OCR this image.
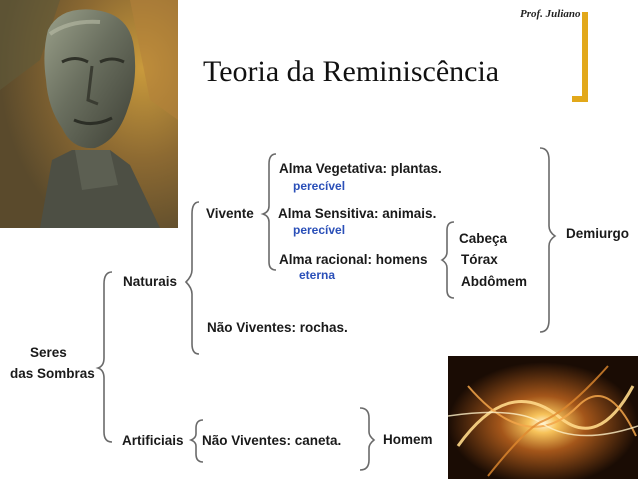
Prof. Juliano
Teoria da Reminiscência
Seres
das Sombras
Naturais
Vivente
Alma Vegetativa: plantas.
perecível
Alma Sensitiva: animais.
perecível
Alma racional: homens
eterna
Cabeça
Tórax
Abdômem
Demiurgo
Não Viventes: rochas.
Artificiais Não Viventes: caneta.	Homem
